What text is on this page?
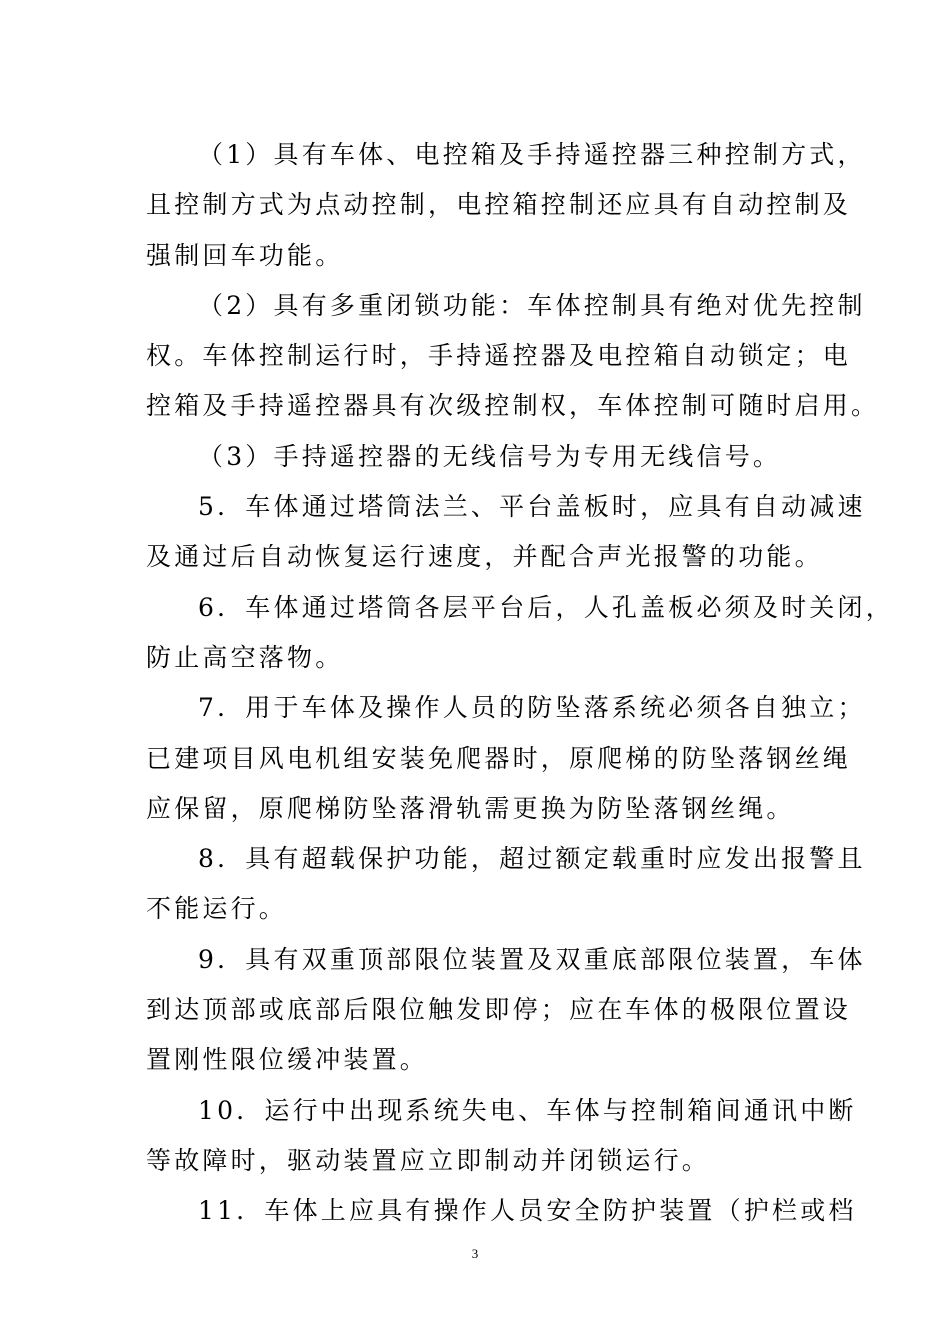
（1）具有车体、电控箱及手持遥控器三种控制方式，
且控制方式为点动控制，电控箱控制还应具有自动控制及
强制回车功能。
（2）具有多重闭锁功能：车体控制具有绝对优先控制
权。车体控制运行时，手持遥控器及电控箱自动锁定；电
控箱及手持遥控器具有次级控制权，车体控制可随时启用。
（3）手持遥控器的无线信号为专用无线信号。
5．车体通过塔筒法兰、平台盖板时，应具有自动减速
及通过后自动恢复运行速度，并配合声光报警的功能。
6．车体通过塔筒各层平台后，人孔盖板必须及时关闭，
防止高空落物。
7．用于车体及操作人员的防坠落系统必须各自独立；
已建项目风电机组安装免爬器时，原爬梯的防坠落钢丝绳
应保留，原爬梯防坠落滑轨需更换为防坠落钢丝绳。
8．具有超载保护功能，超过额定载重时应发出报警且
不能运行。
9．具有双重顶部限位装置及双重底部限位装置，车体
到达顶部或底部后限位触发即停；应在车体的极限位置设
置刚性限位缓冲装置。
10．运行中出现系统失电、车体与控制箱间通讯中断
等故障时，驱动装置应立即制动并闭锁运行。
11．车体上应具有操作人员安全防护装置（护栏或档
3
